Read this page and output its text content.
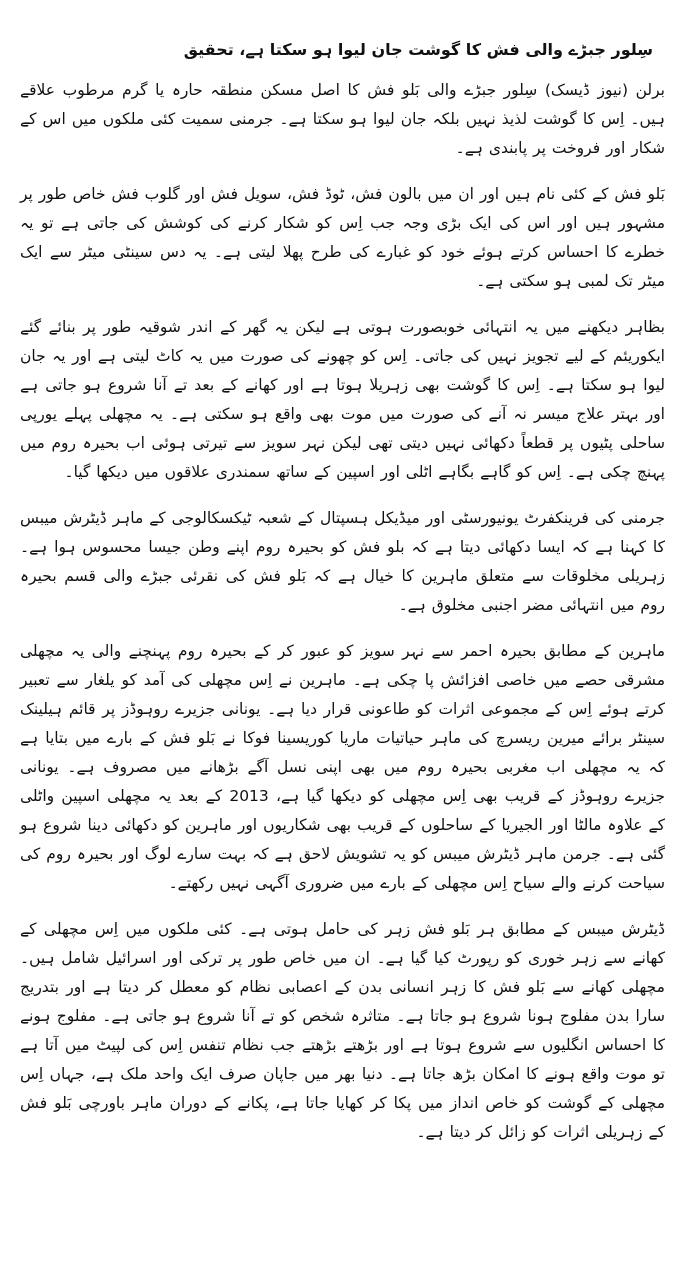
سِلور جبڑے والی فش کا گوشت جان لیوا ہو سکتا ہے، تحقیق

برلن (نیوز ڈیسک) سِلور جبڑے والی بَلو فش کا اصل مسکن منطقہ حارہ یا گرم مرطوب علاقے ہیں۔ اِس کا گوشت لذیذ نہیں بلکہ جان لیوا ہو سکتا ہے۔ جرمنی سمیت کئی ملکوں میں اس کے شکار اور فروخت پر پابندی ہے۔

بَلو فش کے کئی نام ہیں اور ان میں بالون فش، ٹوڈ فش، سویل فش اور گلوب فش خاص طور پر مشہور ہیں اور اس کی ایک بڑی وجہ جب اِس کو شکار کرنے کی کوشش کی جاتی ہے تو یہ خطرے کا احساس کرتے ہوئے خود کو غبارے کی طرح پھلا لیتی ہے۔ یہ دس سینٹی میٹر سے ایک میٹر تک لمبی ہو سکتی ہے۔

بظاہر دیکھنے میں یہ انتہائی خوبصورت ہوتی ہے لیکن یہ گھر کے اندر شوقیہ طور پر بنائے گئے ایکوریئم کے لیے تجویز نہیں کی جاتی۔ اِس کو چھونے کی صورت میں یہ کاٹ لیتی ہے اور یہ جان لیوا ہو سکتا ہے۔ اِس کا گوشت بھی زہریلا ہوتا ہے اور کھانے کے بعد تے آنا شروع ہو جاتی ہے اور بہتر علاج میسر نہ آنے کی صورت میں موت بھی واقع ہو سکتی ہے۔ یہ مچھلی پہلے یورپی ساحلی پٹیوں پر قطعاً دکھائی نہیں دیتی تھی لیکن نہر سویز سے تیرتی ہوئی اب بحیرہ روم میں پہنچ چکی ہے۔ اِس کو گاہے بگاہے اٹلی اور اسپین کے ساتھ سمندری علاقوں میں دیکھا گیا۔

جرمنی کی فرینکفرٹ یونیورسٹی اور میڈیکل ہسپتال کے شعبہ ٹیکسکالوجی کے ماہر ڈیٹرش میبس کا کہنا ہے کہ ایسا دکھائی دیتا ہے کہ بلو فش کو بحیرہ روم اپنے وطن جیسا محسوس ہوا ہے۔ زہریلی مخلوقات سے متعلق ماہرین کا خیال ہے کہ بَلو فش کی نقرئی جبڑے والی قسم بحیرہ روم میں انتہائی مضر اجنبی مخلوق ہے۔

ماہرین کے مطابق بحیرہ احمر سے نہر سویز کو عبور کر کے بحیرہ روم پہنچنے والی یہ مچھلی مشرقی حصے میں خاصی افزائش پا چکی ہے۔ ماہرین نے اِس مچھلی کی آمد کو یلغار سے تعبیر کرتے ہوئے اِس کے مجموعی اثرات کو طاعونی قرار دیا ہے۔ یونانی جزیرے روہوڈز پر قائم ہیلینک سینٹر برائے میرین ریسرچ کی ماہر حیاتیات ماریا کوریسینا فوکا نے بَلو فش کے بارے میں بتایا ہے کہ یہ مچھلی اب مغربی بحیرہ روم میں بھی اپنی نسل آگے بڑھانے میں مصروف ہے۔ یونانی جزیرے روہوڈز کے قریب بھی اِس مچھلی کو دیکھا گیا ہے، 2013 کے بعد یہ مچھلی اسپین واٹلی کے علاوہ مالٹا اور الجیریا کے ساحلوں کے قریب بھی شکاریوں اور ماہرین کو دکھائی دینا شروع ہو گئی ہے۔ جرمن ماہر ڈیٹرش میبس کو یہ تشویش لاحق ہے کہ بہت سارے لوگ اور بحیرہ روم کی سیاحت کرنے والے سیاح اِس مچھلی کے بارے میں ضروری آگہی نہیں رکھتے۔

ڈیٹرش میبس کے مطابق ہر بَلو فش زہر کی حامل ہوتی ہے۔ کئی ملکوں میں اِس مچھلی کے کھانے سے زہر خوری کو رپورٹ کیا گیا ہے۔ ان میں خاص طور پر ترکی اور اسرائیل شامل ہیں۔ مچھلی کھانے سے بَلو فش کا زہر انسانی بدن کے اعصابی نظام کو معطل کر دیتا ہے اور بتدریج سارا بدن مفلوج ہونا شروع ہو جاتا ہے۔ متاثرہ شخص کو تے آنا شروع ہو جاتی ہے۔ مفلوج ہونے کا احساس انگلیوں سے شروع ہوتا ہے اور بڑھتے بڑھتے جب نظام تنفس اِس کی لپیٹ میں آتا ہے تو موت واقع ہونے کا امکان بڑھ جاتا ہے۔ دنیا بھر میں جاپان صرف ایک واحد ملک ہے، جہاں اِس مچھلی کے گوشت کو خاص انداز میں پکا کر کھایا جاتا ہے، پکانے کے دوران ماہر باورچی بَلو فش کے زہریلی اثرات کو زائل کر دیتا ہے۔
